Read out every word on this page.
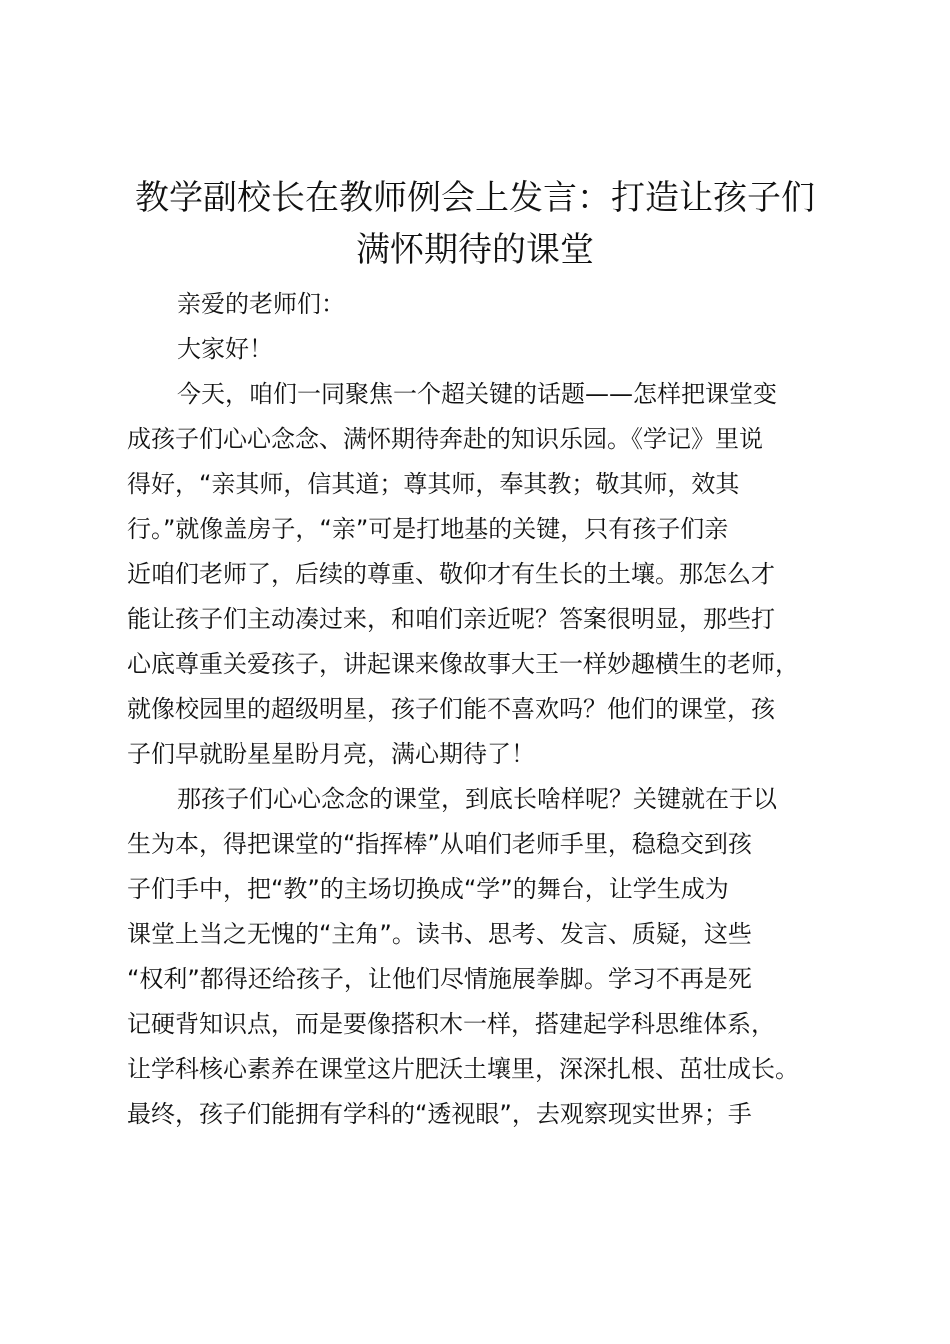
教学副校长在教师例会上发言：打造让孩子们
满怀期待的课堂
亲爱的老师们：
大家好！
今天，咱们一同聚焦一个超关键的话题——怎样把课堂变
成孩子们心心念念、满怀期待奔赴的知识乐园。《学记》里说
得好，“亲其师，信其道；尊其师，奉其教；敬其师，效其
行。”就像盖房子，“亲”可是打地基的关键，只有孩子们亲
近咱们老师了，后续的尊重、敬仰才有生长的土壤。那怎么才
能让孩子们主动凑过来，和咱们亲近呢？答案很明显，那些打
心底尊重关爱孩子，讲起课来像故事大王一样妙趣横生的老师，
就像校园里的超级明星，孩子们能不喜欢吗？他们的课堂，孩
子们早就盼星星盼月亮，满心期待了！
那孩子们心心念念的课堂，到底长啥样呢？关键就在于以
生为本，得把课堂的“指挥棒”从咱们老师手里，稳稳交到孩
子们手中，把“教”的主场切换成“学”的舞台，让学生成为
课堂上当之无愧的“主角”。读书、思考、发言、质疑，这些
“权利”都得还给孩子，让他们尽情施展拳脚。学习不再是死
记硬背知识点，而是要像搭积木一样，搭建起学科思维体系，
让学科核心素养在课堂这片肥沃土壤里，深深扎根、茁壮成长。
最终，孩子们能拥有学科的“透视眼”，去观察现实世界；手
